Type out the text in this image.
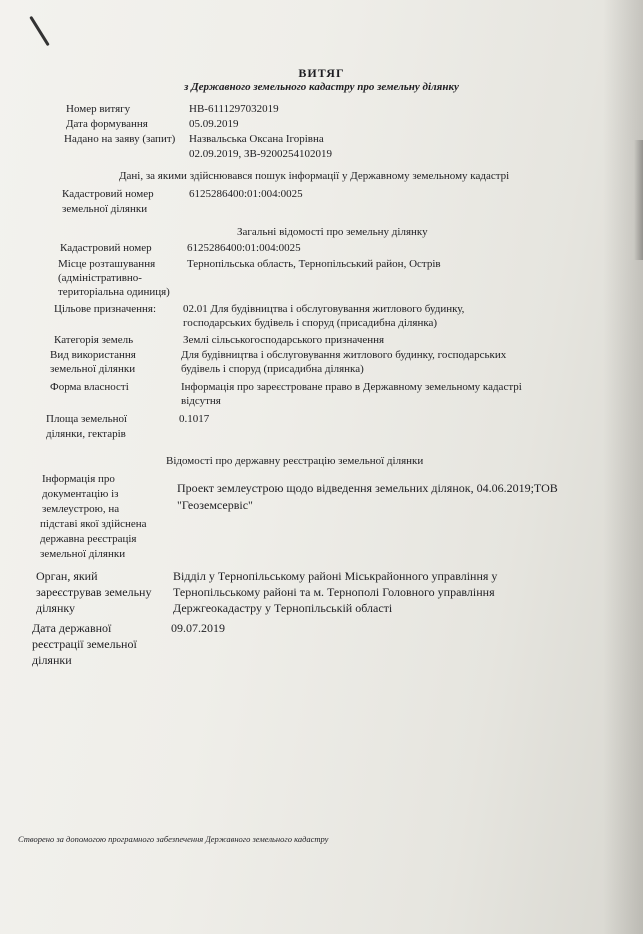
ВИТЯГ
з Державного земельного кадастру про земельну ділянку
Номер витягу	НВ-6111297032019
Дата формування	05.09.2019
Надано на заяву (запит) Назвальська Оксана Ігорівна
02.09.2019, ЗВ-9200254102019
Дані, за якими здійснювався пошук інформації у Державному земельному кадастрі
Кадастровий номер
земельної ділянки
6125286400:01:004:0025
Загальні відомості про земельну ділянку
Кадастровий номер	6125286400:01:004:0025
Місце розташування
(адміністративно-
територіальна одиниця)
Тернопільська область, Тернопільський район, Острів
Цільове призначення: 02.01 Для будівництва і обслуговування житлового будинку,
господарських будівель і споруд (присадибна ділянка)
Категорія земель	Землі сільськогосподарського призначення
Вид використання
земельної ділянки
Для будівництва і обслуговування житлового будинку, господарських
будівель і споруд (присадибна ділянка)
Форма власності	Інформація про зареєстроване право в Державному земельному кадастрі
відсутня
Площа земельної
ділянки, гектарів
0.1017
Відомості про державну реєстрацію земельної ділянки
Інформація про
документацію із
землеустрою, на
підставі якої здійснена
державна реєстрація
земельної ділянки
Проект землеустрою щодо відведення земельних ділянок, 04.06.2019;ТОВ
"Геоземсервіс"
Орган, який
зареєстрував земельну
ділянку
Відділ у Тернопільському районі Міськрайонного управління у
Тернопільському районі та м. Тернополі Головного управління
Держгеокадастру у Тернопільській області
Дата державної
реєстрації земельної
ділянки
09.07.2019
Створено за допомогою програмного забезпечення Державного земельного кадастру
